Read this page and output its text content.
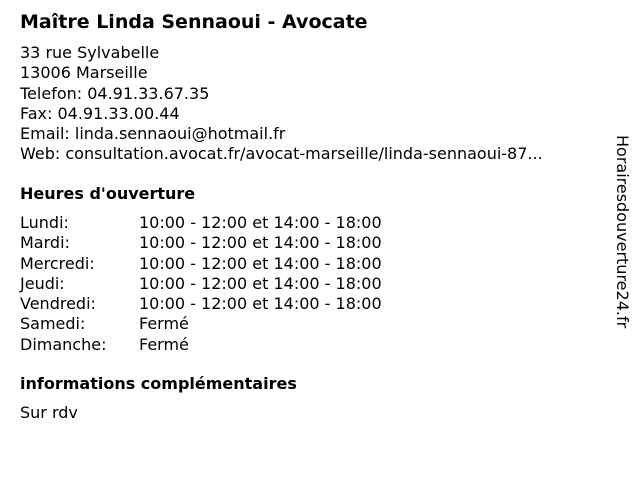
Maître Linda Sennaoui - Avocate
33 rue Sylvabelle
13006 Marseille
Telefon: 04.91.33.67.35
Fax: 04.91.33.00.44
Email: linda.sennaoui@hotmail.fr
Web: consultation.avocat.fr/avocat-marseille/linda-sennaoui-87...
Heures d'ouverture
Lundi:	10:00 - 12:00 et 14:00 - 18:00
Mardi:	10:00 - 12:00 et 14:00 - 18:00
Mercredi:	10:00 - 12:00 et 14:00 - 18:00
Jeudi:	10:00 - 12:00 et 14:00 - 18:00
Vendredi:	10:00 - 12:00 et 14:00 - 18:00
Samedi:	Fermé
Dimanche:	Fermé
informations complémentaires
Sur rdv
Horairesdouverture24.fr
